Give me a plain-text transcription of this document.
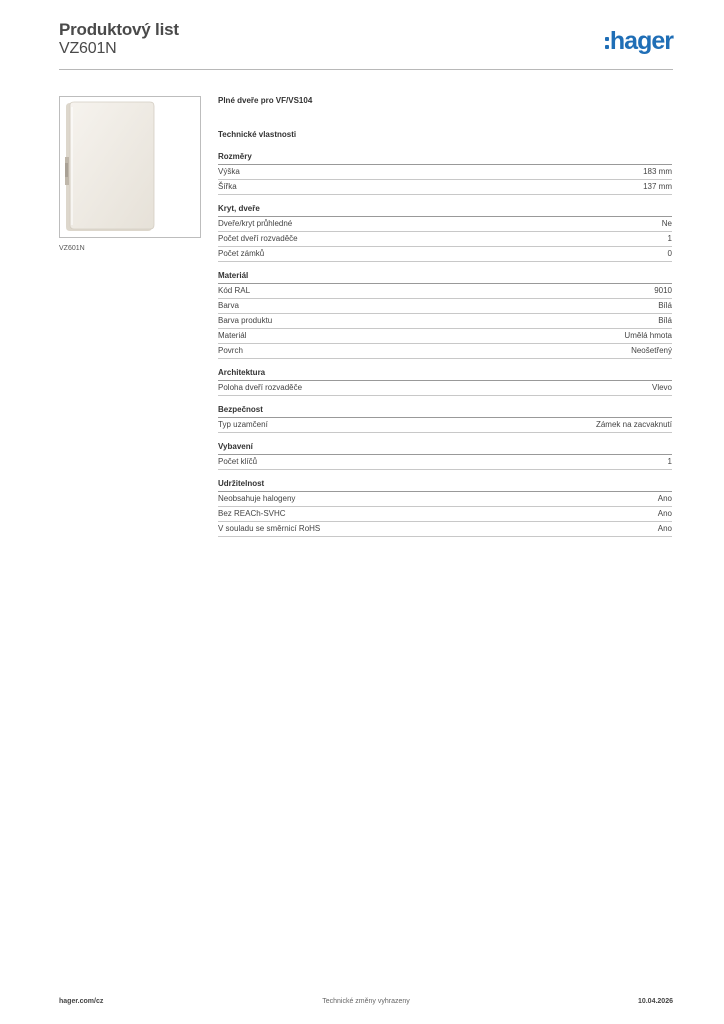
Produktový list
VZ601N	hager
VZ601N
Plné dveře pro VF/VS104
Technické vlastnosti
Rozměry
Výška	183 mm
Šířka	137 mm
Kryt, dveře
Dveře/kryt průhledné	Ne
Počet dveří rozvaděče	1
Počet zámků	0
Materiál
Kód RAL	9010
Barva	Bílá
Barva produktu	Bílá
Materiál	Umělá hmota
Povrch	Neošetřený
Architektura
Poloha dveří rozvaděče	Vlevo
Bezpečnost
Typ uzamčení	Zámek na zacvaknutí
Vybavení
Počet klíčů	1
Udržitelnost
Neobsahuje halogeny	Ano
Bez REACh-SVHC	Ano
V souladu se směrnicí RoHS	Ano
hager.com/cz	Technické změny vyhrazeny	10.04.2026
